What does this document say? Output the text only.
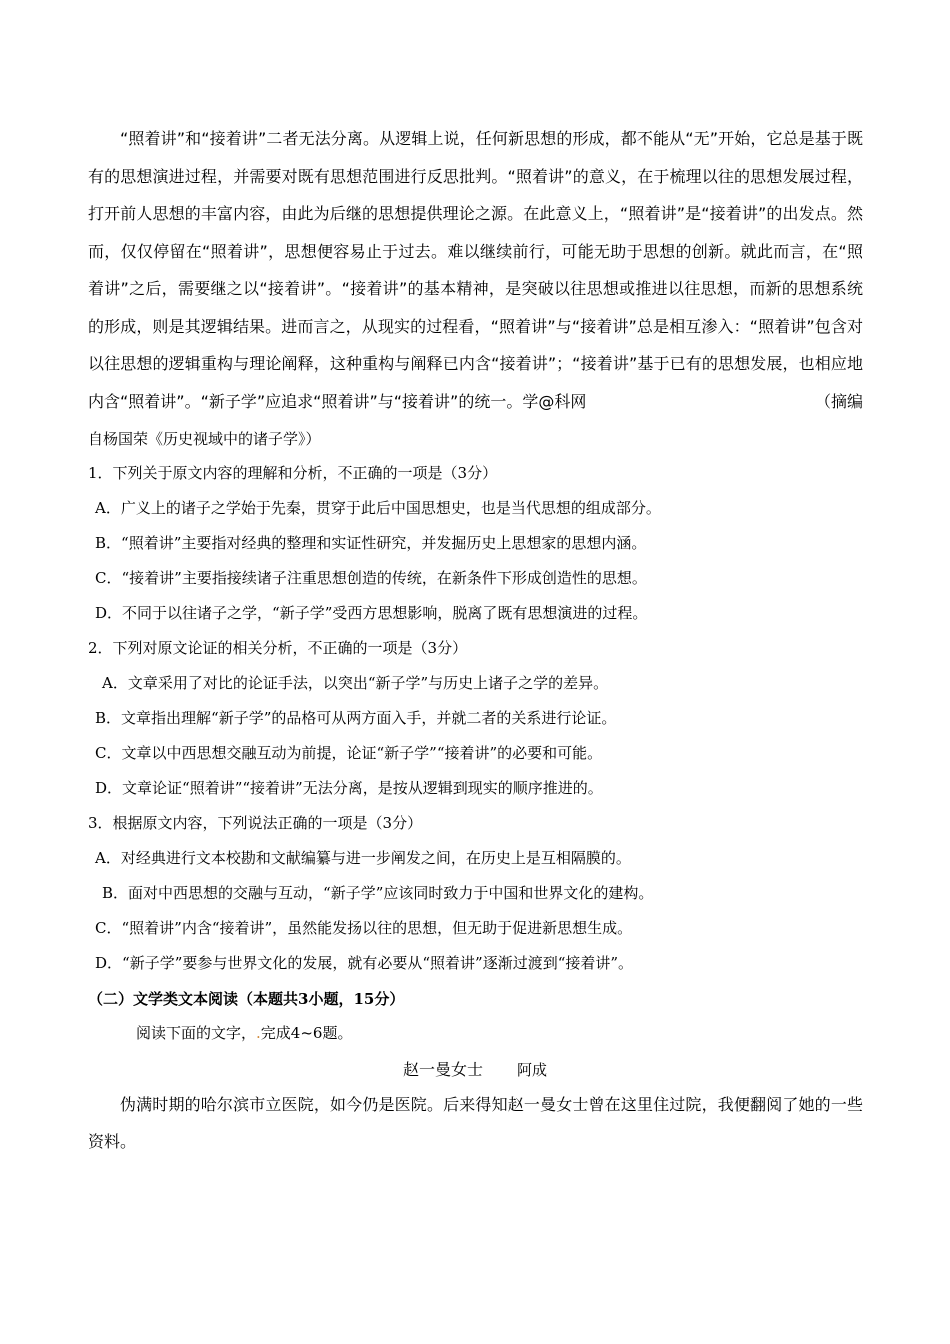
“照着讲”和“接着讲”二者无法分离。从逻辑上说，任何新思想的形成，都不能从“无”开始，它总是基于既有的思想演进过程，并需要对既有思想范围进行反思批判。“照着讲”的意义，在于梳理以往的思想发展过程，打开前人思想的丰富内容，由此为后继的思想提供理论之源。在此意义上，“照着讲”是“接着讲”的出发点。然而，仅仅停留在“照着讲”，思想便容易止于过去。难以继续前行，可能无助于思想的创新。就此而言，在“照着讲”之后，需要继之以“接着讲”。“接着讲”的基本精神，是突破以往思想或推进以往思想，而新的思想系统的形成，则是其逻辑结果。进而言之，从现实的过程看，“照着讲”与“接着讲”总是相互渗入：“照着讲”包含对以往思想的逻辑重构与理论阐释，这种重构与阐释已内含“接着讲”；“接着讲”基于已有的思想发展，也相应地内含“照着讲”。“新子学”应追求“照着讲”与“接着讲”的统一。学@科网	（摘编

自杨国荣《历史视域中的诸子学》）
1．下列关于原文内容的理解和分析，不正确的一项是（3分）
A．广义上的诸子之学始于先秦，贯穿于此后中国思想史，也是当代思想的组成部分。
B．“照着讲”主要指对经典的整理和实证性研究，并发掘历史上思想家的思想内涵。
C．“接着讲”主要指接续诸子注重思想创造的传统，在新条件下形成创造性的思想。
D．不同于以往诸子之学，“新子学”受西方思想影响，脱离了既有思想演进的过程。
2．下列对原文论证的相关分析，不正确的一项是（3分）
A．文章采用了对比的论证手法，以突出“新子学”与历史上诸子之学的差异。
B．文章指出理解“新子学”的品格可从两方面入手，并就二者的关系进行论证。
C．文章以中西思想交融互动为前提，论证“新子学”“接着讲”的必要和可能。
D．文章论证“照着讲”“接着讲”无法分离，是按从逻辑到现实的顺序推进的。
3．根据原文内容，下列说法正确的一项是（3分）
A．对经典进行文本校勘和文献编纂与进一步阐发之间，在历史上是互相隔膜的。
B．面对中西思想的交融与互动，“新子学”应该同时致力于中国和世界文化的建构。
C．“照着讲”内含“接着讲”，虽然能发扬以往的思想，但无助于促进新思想生成。
D．“新子学”要参与世界文化的发展，就有必要从“照着讲”逐渐过渡到“接着讲”。
（二）文学类文本阅读（本题共3小题，15分）
阅读下面的文字，.完成4~6题。
赵一曼女士 阿成

伪满时期的哈尔滨市立医院，如今仍是医院。后来得知赵一曼女士曾在这里住过院，我便翻阅了她的一些资料。
